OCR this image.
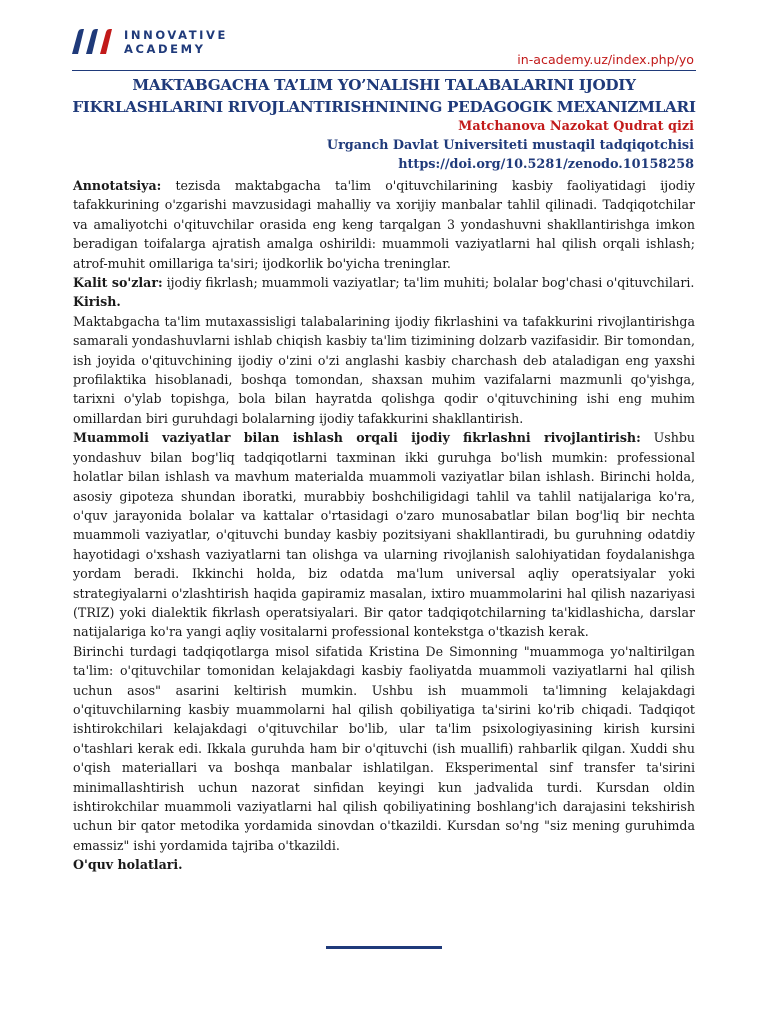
INNOVATIVE
ACADEMY
in-academy.uz/index.php/yo
MAKTABGACHA TA’LIM YO’NALISHI TALABALARINI IJODIY FIKRLASHLARINI RIVOJLANTIRISHNINING PEDAGOGIK MEXANIZMLARI
Matchanova Nazokat Qudrat qizi
Urganch Davlat Universiteti mustaqil tadqiqotchisi
https://doi.org/10.5281/zenodo.10158258

Annotatsiya: tezisda maktabgacha ta'lim o'qituvchilarining kasbiy faoliyatidagi ijodiy tafakkurining o'zgarishi mavzusidagi mahalliy va xorijiy manbalar tahlil qilinadi. Tadqiqotchilar va amaliyotchi o'qituvchilar orasida eng keng tarqalgan 3 yondashuvni shakllantirishga imkon beradigan toifalarga ajratish amalga oshirildi: muammoli vaziyatlarni hal qilish orqali ishlash; atrof-muhit omillariga ta'siri; ijodkorlik bo'yicha treninglar.

Kalit so'zlar: ijodiy fikrlash; muammoli vaziyatlar; ta'lim muhiti; bolalar bog'chasi o'qituvchilari.

Kirish.

Maktabgacha ta'lim mutaxassisligi talabalarining ijodiy fikrlashini va tafakkurini rivojlantirishga samarali yondashuvlarni ishlab chiqish kasbiy ta'lim tizimining dolzarb vazifasidir. Bir tomondan, ish joyida o'qituvchining ijodiy o'zini o'zi anglashi kasbiy charchash deb ataladigan eng yaxshi profilaktika hisoblanadi, boshqa tomondan, shaxsan muhim vazifalarni mazmunli qo'yishga, tarixni o'ylab topishga, bola bilan hayratda qolishga qodir o'qituvchining ishi eng muhim omillardan biri guruhdagi bolalarning ijodiy tafakkurini shakllantirish.

Muammoli vaziyatlar bilan ishlash orqali ijodiy fikrlashni rivojlantirish: Ushbu yondashuv bilan bog'liq tadqiqotlarni taxminan ikki guruhga bo'lish mumkin: professional holatlar bilan ishlash va mavhum materialda muammoli vaziyatlar bilan ishlash. Birinchi holda, asosiy gipoteza shundan iboratki, murabbiy boshchiligidagi tahlil va tahlil natijalariga ko'ra, o'quv jarayonida bolalar va kattalar o'rtasidagi o'zaro munosabatlar bilan bog'liq bir nechta muammoli vaziyatlar, o'qituvchi bunday kasbiy pozitsiyani shakllantiradi, bu guruhning odatdiy hayotidagi o'xshash vaziyatlarni tan olishga va ularning rivojlanish salohiyatidan foydalanishga yordam beradi. Ikkinchi holda, biz odatda ma'lum universal aqliy operatsiyalar yoki strategiyalarni o'zlashtirish haqida gapiramiz masalan, ixtiro muammolarini hal qilish nazariyasi (TRIZ) yoki dialektik fikrlash operatsiyalari. Bir qator tadqiqotchilarning ta'kidlashicha, darslar natijalariga ko'ra yangi aqliy vositalarni professional kontekstga o'tkazish kerak.

Birinchi turdagi tadqiqotlarga misol sifatida Kristina De Simonning "muammoga yo'naltirilgan ta'lim: o'qituvchilar tomonidan kelajakdagi kasbiy faoliyatda muammoli vaziyatlarni hal qilish uchun asos" asarini keltirish mumkin. Ushbu ish muammoli ta'limning kelajakdagi o'qituvchilarning kasbiy muammolarni hal qilish qobiliyatiga ta'sirini ko'rib chiqadi. Tadqiqot ishtirokchilari kelajakdagi o'qituvchilar bo'lib, ular ta'lim psixologiyasining kirish kursini o'tashlari kerak edi. Ikkala guruhda ham bir o'qituvchi (ish muallifi) rahbarlik qilgan. Xuddi shu o'qish materiallari va boshqa manbalar ishlatilgan. Eksperimental sinf transfer ta'sirini minimallashtirish uchun nazorat sinfidan keyingi kun jadvalida turdi. Kursdan oldin ishtirokchilar muammoli vaziyatlarni hal qilish qobiliyatining boshlang'ich darajasini tekshirish uchun bir qator metodika yordamida sinovdan o'tkazildi. Kursdan so'ng "siz mening guruhimda emassiz" ishi yordamida tajriba o'tkazildi.

O'quv holatlari.
